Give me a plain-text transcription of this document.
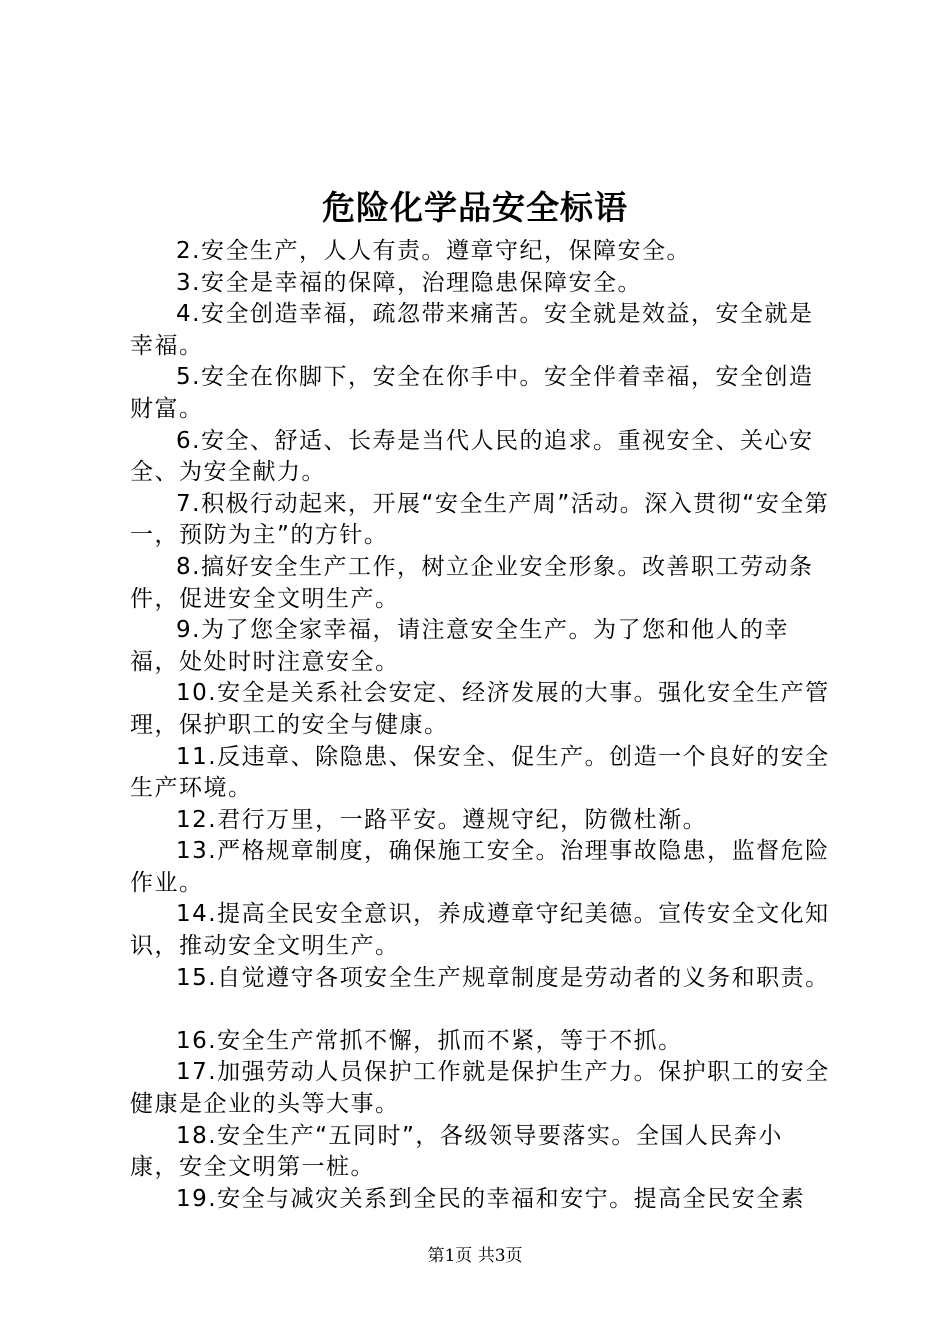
危险化学品安全标语

2.安全生产，人人有责。遵章守纪，保障安全。

3.安全是幸福的保障，治理隐患保障安全。

4.安全创造幸福，疏忽带来痛苦。安全就是效益，安全就是幸福。

5.安全在你脚下，安全在你手中。安全伴着幸福，安全创造财富。

6.安全、舒适、长寿是当代人民的追求。重视安全、关心安全、为安全献力。

7.积极行动起来，开展“安全生产周”活动。深入贯彻“安全第一，预防为主”的方针。

8.搞好安全生产工作，树立企业安全形象。改善职工劳动条件，促进安全文明生产。

9.为了您全家幸福，请注意安全生产。为了您和他人的幸福，处处时时注意安全。

10.安全是关系社会安定、经济发展的大事。强化安全生产管理，保护职工的安全与健康。

11.反违章、除隐患、保安全、促生产。创造一个良好的安全生产环境。

12.君行万里，一路平安。遵规守纪，防微杜渐。

13.严格规章制度，确保施工安全。治理事故隐患，监督危险作业。

14.提高全民安全意识，养成遵章守纪美德。宣传安全文化知识，推动安全文明生产。

15.自觉遵守各项安全生产规章制度是劳动者的义务和职责。

16.安全生产常抓不懈，抓而不紧，等于不抓。

17.加强劳动人员保护工作就是保护生产力。保护职工的安全健康是企业的头等大事。

18.安全生产“五同时”，各级领导要落实。全国人民奔小康，安全文明第一桩。

19.安全与减灾关系到全民的幸福和安宁。提高全民安全素

第1页 共3页
